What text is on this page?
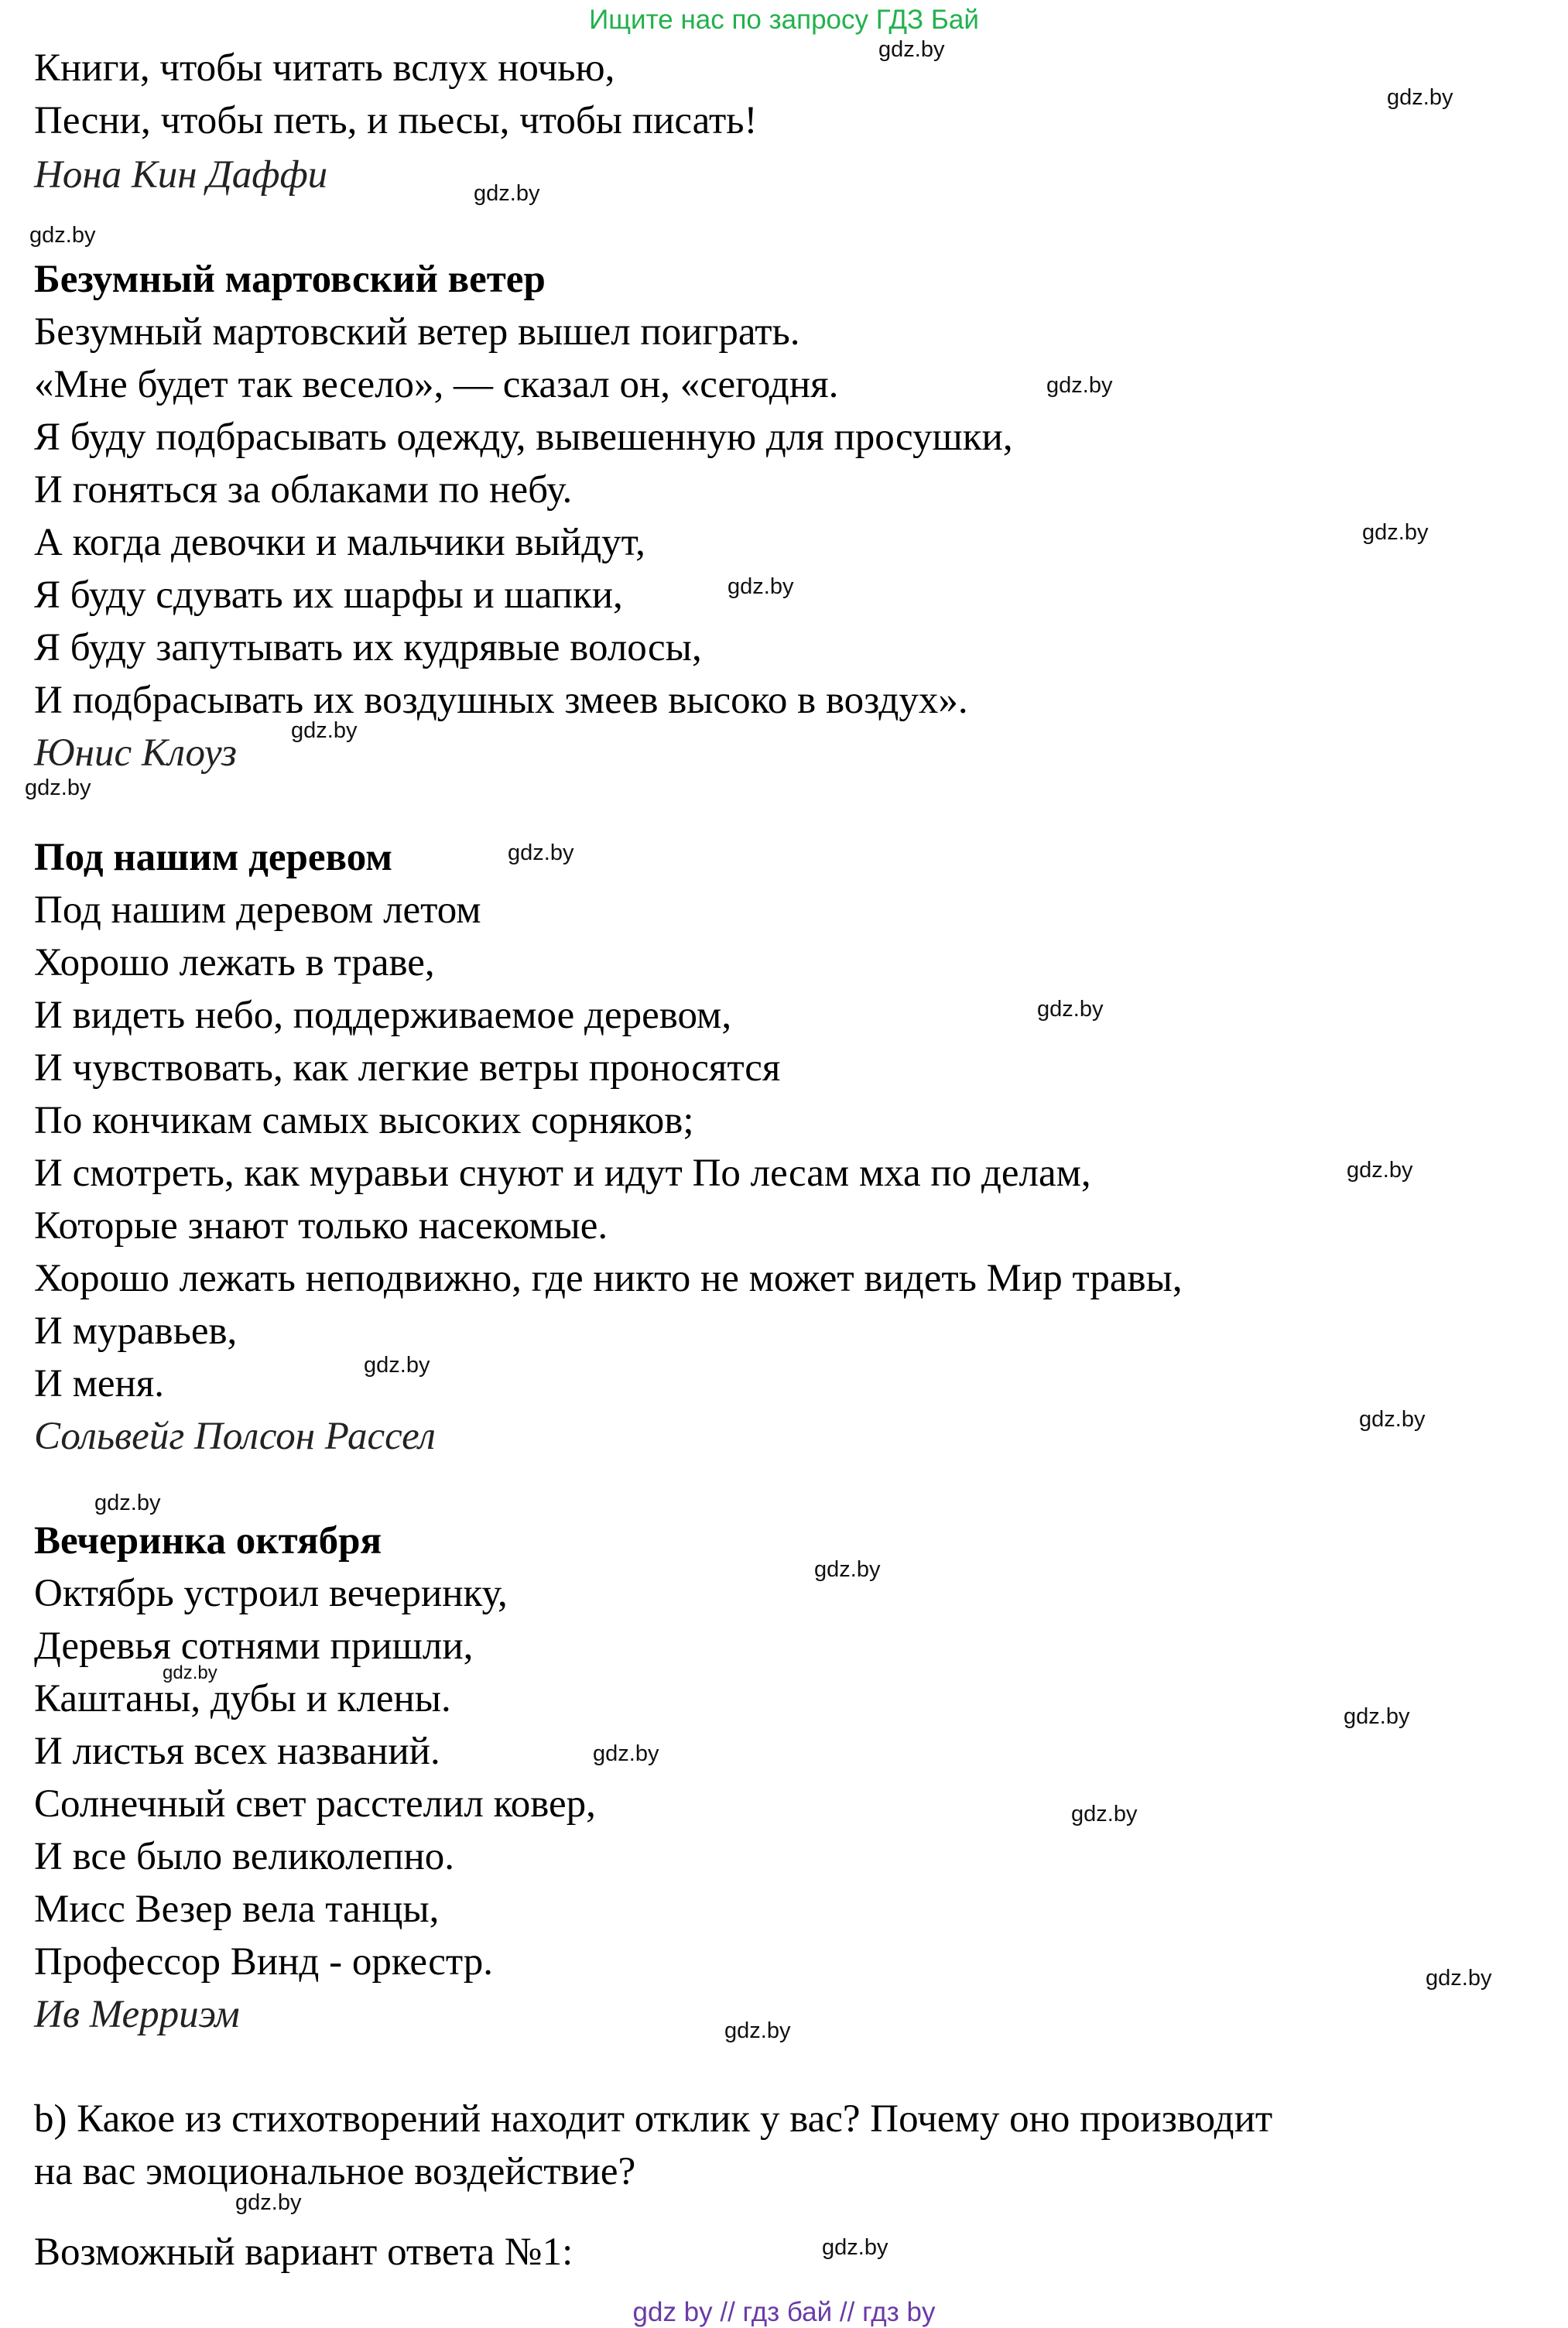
Ищите нас по запросу ГДЗ Бай

Книги, чтобы читать вслух ночью,

Песни, чтобы петь, и пьесы, чтобы писать!

Нона Кин Даффи

Безумный мартовский ветер

Безумный мартовский ветер вышел поиграть.

«Мне будет так весело», — сказал он, «сегодня.

Я буду подбрасывать одежду, вывешенную для просушки,

И гоняться за облаками по небу.

А когда девочки и мальчики выйдут,

Я буду сдувать их шарфы и шапки,

Я буду запутывать их кудрявые волосы,

И подбрасывать их воздушных змеев высоко в воздух».

Юнис Клоуз

Под нашим деревом

Под нашим деревом летом

Хорошо лежать в траве,

И видеть небо, поддерживаемое деревом,

И чувствовать, как легкие ветры проносятся

По кончикам самых высоких сорняков;

И смотреть, как муравьи снуют и идут По лесам мха по делам,

Которые знают только насекомые.

Хорошо лежать неподвижно, где никто не может видеть Мир травы,

И муравьев,

И меня.

Сольвейг Полсон Рассел

Вечеринка октября

Октябрь устроил вечеринку,

Деревья сотнями пришли,

Каштаны, дубы и клены.

И листья всех названий.

Солнечный свет расстелил ковер,

И все было великолепно.

Мисс Везер вела танцы,

Профессор Винд - оркестр.

Ив Мерриэм

b) Какое из стихотворений находит отклик у вас? Почему оно производит

на вас эмоциональное воздействие?

Возможный вариант ответа №1:

gdz.by
gdz.by
gdz.by
gdz.by
gdz.by
gdz.by
gdz.by
gdz.by
gdz.by
gdz.by
gdz.by
gdz.by
gdz.by
gdz.by
gdz.by
gdz.by
gdz.by
gdz.by
gdz.by
gdz.by
gdz.by
gdz.by
gdz.by
gdz.by
gdz by // гдз бай // гдз by
